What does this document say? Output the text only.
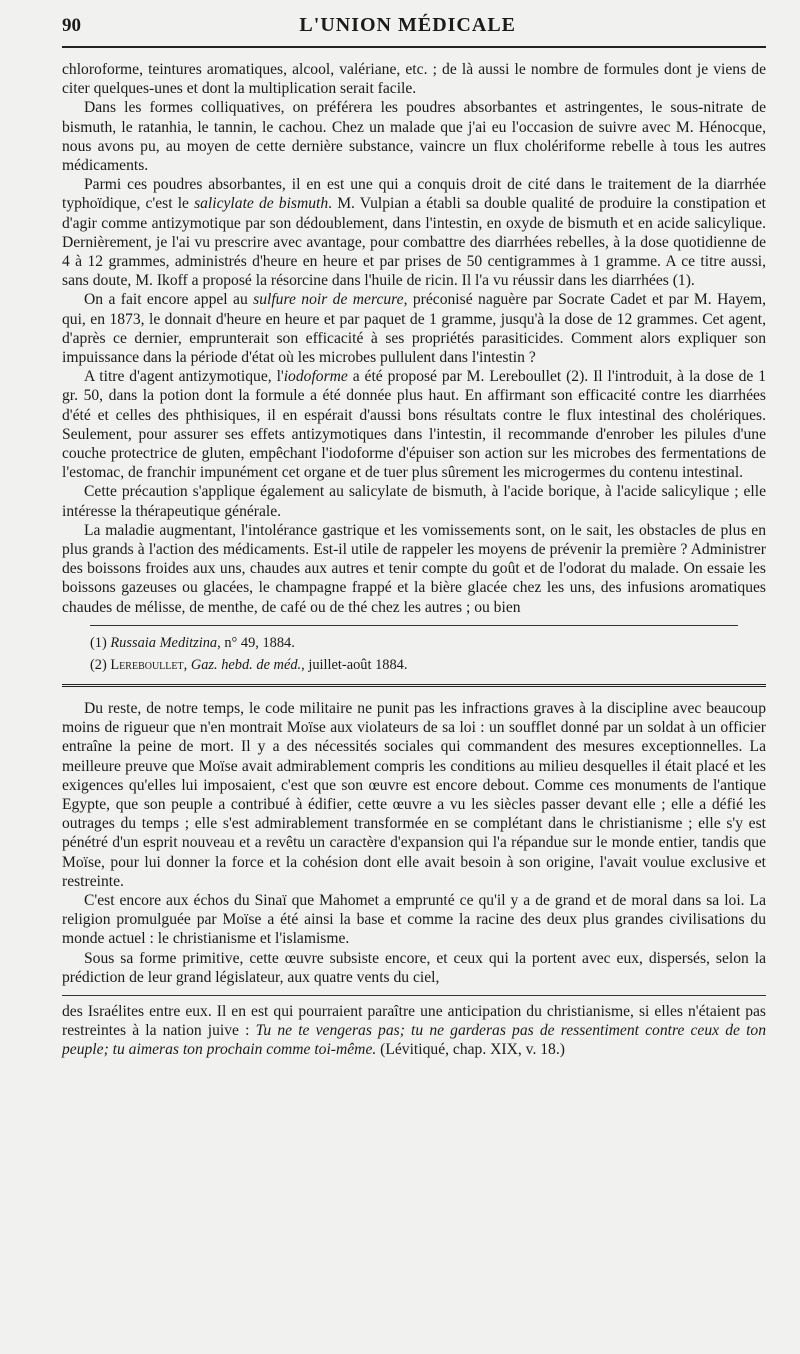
90	L'UNION MÉDICALE

chloroforme, teintures aromatiques, alcool, valériane, etc. ; de là aussi le nombre de formules dont je viens de citer quelques-unes et dont la multiplication serait facile.

Dans les formes colliquatives, on préférera les poudres absorbantes et astringentes, le sous-nitrate de bismuth, le ratanhia, le tannin, le cachou. Chez un malade que j'ai eu l'occasion de suivre avec M. Hénocque, nous avons pu, au moyen de cette dernière substance, vaincre un flux cholériforme rebelle à tous les autres médicaments.

Parmi ces poudres absorbantes, il en est une qui a conquis droit de cité dans le traitement de la diarrhée typhoïdique, c'est le salicylate de bismuth. M. Vulpian a établi sa double qualité de produire la constipation et d'agir comme antizymotique par son dédoublement, dans l'intestin, en oxyde de bismuth et en acide salicylique. Dernièrement, je l'ai vu prescrire avec avantage, pour combattre des diarrhées rebelles, à la dose quotidienne de 4 à 12 grammes, administrés d'heure en heure et par prises de 50 centigrammes à 1 gramme. A ce titre aussi, sans doute, M. Ikoff a proposé la résorcine dans l'huile de ricin. Il l'a vu réussir dans les diarrhées (1).

On a fait encore appel au sulfure noir de mercure, préconisé naguère par Socrate Cadet et par M. Hayem, qui, en 1873, le donnait d'heure en heure et par paquet de 1 gramme, jusqu'à la dose de 12 grammes. Cet agent, d'après ce dernier, emprunterait son efficacité à ses propriétés parasiticides. Comment alors expliquer son impuissance dans la période d'état où les microbes pullulent dans l'intestin ?

A titre d'agent antizymotique, l'iodoforme a été proposé par M. Lereboullet (2). Il l'introduit, à la dose de 1 gr. 50, dans la potion dont la formule a été donnée plus haut. En affirmant son efficacité contre les diarrhées d'été et celles des phthisiques, il en espérait d'aussi bons résultats contre le flux intestinal des cholériques. Seulement, pour assurer ses effets antizymotiques dans l'intestin, il recommande d'enrober les pilules d'une couche protectrice de gluten, empêchant l'iodoforme d'épuiser son action sur les microbes des fermentations de l'estomac, de franchir impunément cet organe et de tuer plus sûrement les microgermes du contenu intestinal.

Cette précaution s'applique également au salicylate de bismuth, à l'acide borique, à l'acide salicylique ; elle intéresse la thérapeutique générale.

La maladie augmentant, l'intolérance gastrique et les vomissements sont, on le sait, les obstacles de plus en plus grands à l'action des médicaments. Est-il utile de rappeler les moyens de prévenir la première ? Administrer des boissons froides aux uns, chaudes aux autres et tenir compte du goût et de l'odorat du malade. On essaie les boissons gazeuses ou glacées, le champagne frappé et la bière glacée chez les uns, des infusions aromatiques chaudes de mélisse, de menthe, de café ou de thé chez les autres ; ou bien

(1) Russaia Meditzina, n° 49, 1884.
(2) Lereboullet, Gaz. hebd. de méd., juillet-août 1884.

Du reste, de notre temps, le code militaire ne punit pas les infractions graves à la discipline avec beaucoup moins de rigueur que n'en montrait Moïse aux violateurs de sa loi : un soufflet donné par un soldat à un officier entraîne la peine de mort. Il y a des nécessités sociales qui commandent des mesures exceptionnelles. La meilleure preuve que Moïse avait admirablement compris les conditions au milieu desquelles il était placé et les exigences qu'elles lui imposaient, c'est que son œuvre est encore debout. Comme ces monuments de l'antique Egypte, que son peuple a contribué à édifier, cette œuvre a vu les siècles passer devant elle ; elle a défié les outrages du temps ; elle s'est admirablement transformée en se complétant dans le christianisme ; elle s'y est pénétré d'un esprit nouveau et a revêtu un caractère d'expansion qui l'a répandue sur le monde entier, tandis que Moïse, pour lui donner la force et la cohésion dont elle avait besoin à son origine, l'avait voulue exclusive et restreinte.

C'est encore aux échos du Sinaï que Mahomet a emprunté ce qu'il y a de grand et de moral dans sa loi. La religion promulguée par Moïse a été ainsi la base et comme la racine des deux plus grandes civilisations du monde actuel : le christianisme et l'islamisme.

Sous sa forme primitive, cette œuvre subsiste encore, et ceux qui la portent avec eux, dispersés, selon la prédiction de leur grand législateur, aux quatre vents du ciel,

des Israélites entre eux. Il en est qui pourraient paraître une anticipation du christianisme, si elles n'étaient pas restreintes à la nation juive : Tu ne te vengeras pas; tu ne garderas pas de ressentiment contre ceux de ton peuple; tu aimeras ton prochain comme toi-même. (Lévitiqué, chap. XIX, v. 18.)
